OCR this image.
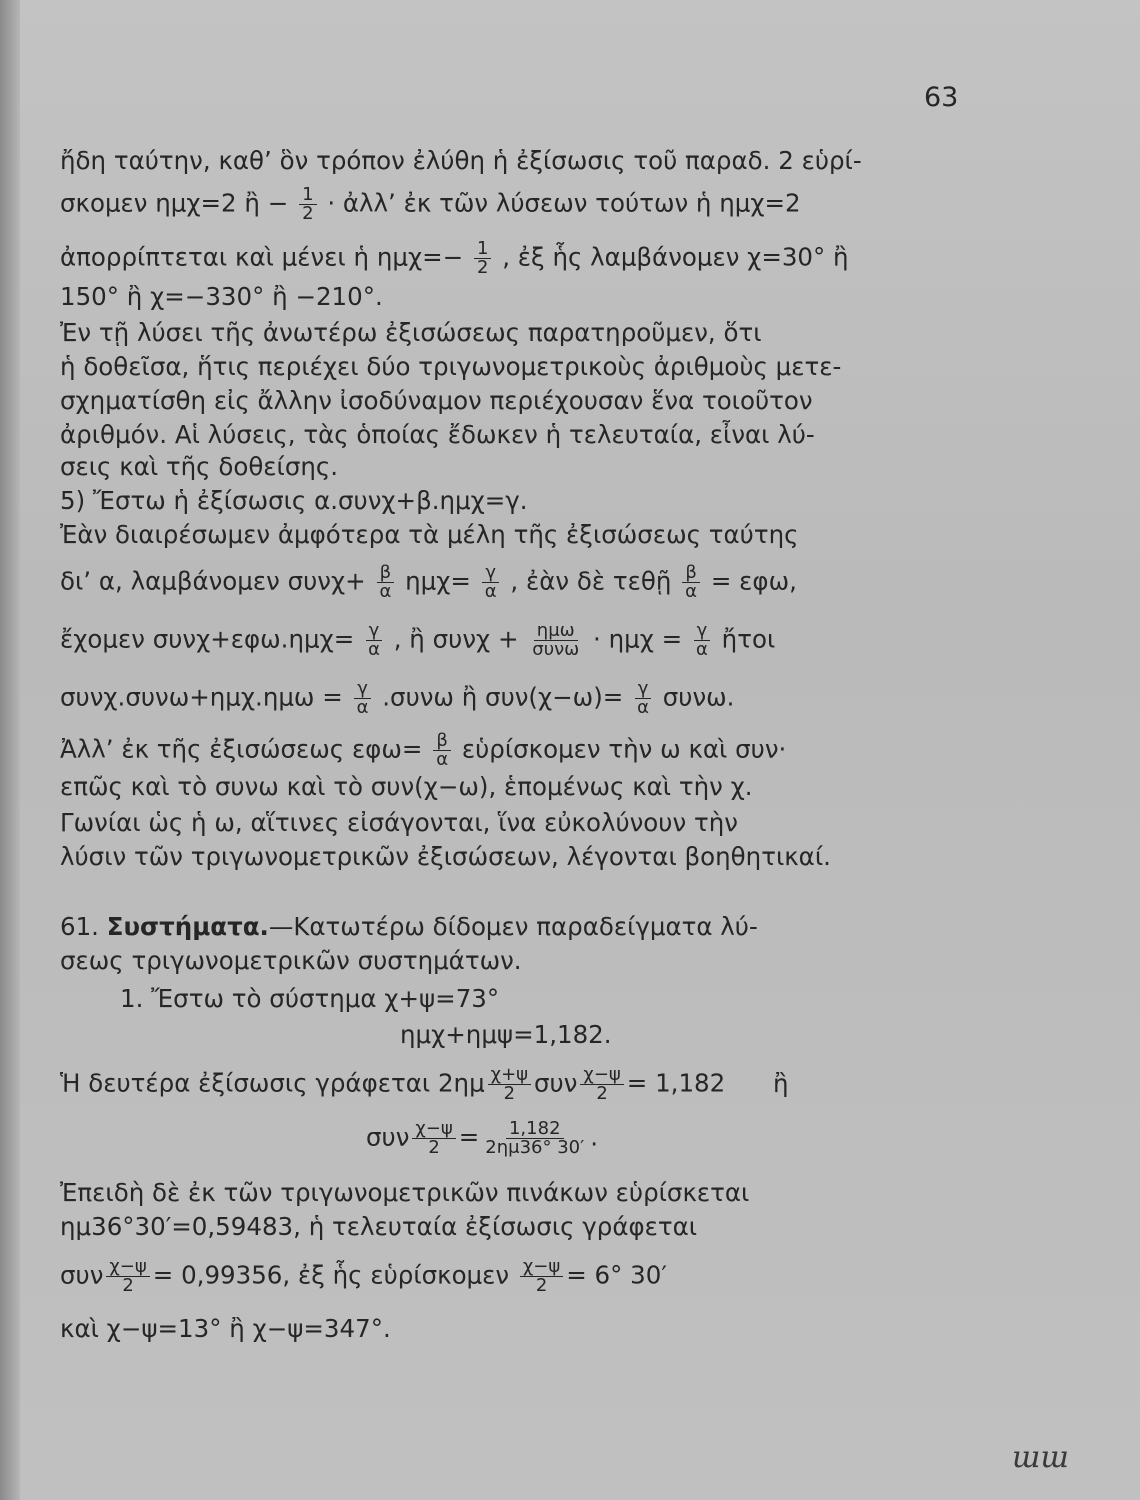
63
ἤδη ταύτην, καθ’ ὃν τρόπον ἐλύθη ἡ ἐξίσωσις τοῦ παραδ. 2 εὑρί-
σκομεν ημχ=2 ἢ − $\frac{1}{2}$ · ἀλλ’ ἐκ τῶν λύσεων τούτων ἡ ημχ=2
ἀπορρίπτεται καὶ μένει ἡ $\eta\mu\chi=- \frac{1}{2}$ , ἐξ ἧς λαμβάνομεν χ=30° ἢ
150° ἢ χ=−330° ἢ −210°.
Ἐν τῇ λύσει τῆς ἀνωτέρω ἐξισώσεως παρατηροῦμεν, ὅτι
ἡ δοθεῖσα, ἥτις περιέχει δύο τριγωνομετρικοὺς ἀριθμοὺς μετε-
σχηματίσθη εἰς ἄλλην ἰσοδύναμον περιέχουσαν ἕνα τοιοῦτον
ἀριθμόν. Αἱ λύσεις, τὰς ὁποίας ἔδωκεν ἡ τελευταία, εἶναι λύ-
σεις καὶ τῆς δοθείσης.
5) Ἔστω ἡ ἐξίσωσις α.συνχ+β.ημχ=γ.
Ἐὰν διαιρέσωμεν ἀμφότερα τὰ μέλη τῆς ἐξισώσεως ταύτης
δι’ α, λαμβάνομεν $\sigma\upsilon\nu\chi+ \frac{\beta}{\alpha} \eta\mu\chi= \frac{\gamma}{\alpha}$ , ἐὰν δὲ τεθῇ $\frac{\beta}{\alpha} = \varepsilon\varphi\omega$,
ἔχομεν $\sigma\upsilon\nu\chi+\varepsilon\varphi\omega.\eta\mu\chi= \frac{\gamma}{\alpha}$ , ἢ $\sigma\upsilon\nu\chi + \frac{\text{ημω}}{\text{συνω}} \cdot \eta\mu\chi = \frac{\gamma}{\alpha}$ ἤτοι
$\sigma\upsilon\nu\chi.\sigma\upsilon\nu\omega+\eta\mu\chi.\eta\mu\omega = \frac{\gamma}{\alpha} .\sigma\upsilon\nu\omega$ ἢ $\sigma\upsilon\nu(\chi-\omega)= \frac{\gamma}{\alpha} \sigma\upsilon\nu\omega$.
Ἀλλ’ ἐκ τῆς ἐξισώσεως $\varepsilon\varphi\omega= \frac{\beta}{\alpha}$ εὑρίσκομεν τὴν ω καὶ συν·
επῶς καὶ τὸ συνω καὶ τὸ συν(χ−ω), ἑπομένως καὶ τὴν χ.
Γωνίαι ὡς ἡ ω, αἵτινες εἰσάγονται, ἵνα εὐκολύνουν τὴν
λύσιν τῶν τριγωνομετρικῶν ἐξισώσεων, λέγονται βοηθητικαί.
61. Συστήματα.—Κατωτέρω δίδομεν παραδείγματα λύ-
σεως τριγωνομετρικῶν συστημάτων.
1. Ἔστω τὸ σύστημα χ+ψ=73°
ημχ+ημψ=1,182.
Ἡ δευτέρα ἐξίσωσις γράφεται $2\eta\mu \frac{\chi+\psi}{2}$ συν $\frac{\chi-\psi}{2} = 1,182$ ἢ
συν $\frac{\chi-\psi}{2} = \frac{1,182}{2\eta\mu 36^\circ 30'}$ .
Ἐπειδὴ δὲ ἐκ τῶν τριγωνομετρικῶν πινάκων εὑρίσκεται
ημ36°30′=0,59483, ἡ τελευταία ἐξίσωσις γράφεται
συν $\frac{\chi-\psi}{2} = 0,99356$, ἐξ ἧς εὑρίσκομεν $\frac{\chi-\psi}{2} = 6^\circ$ 30′
καὶ χ−ψ=13° ἢ χ−ψ=347°.
ɯɯ
